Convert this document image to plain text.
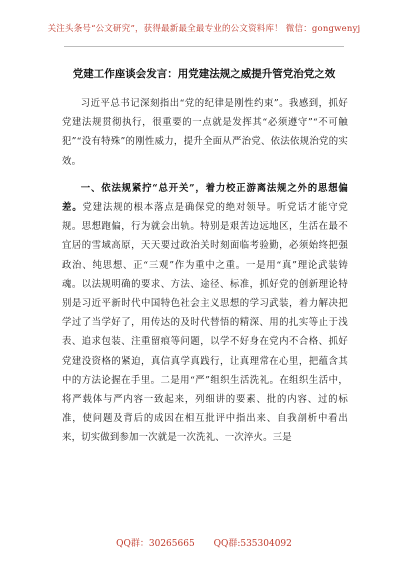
关注头条号“公文研究”，获得最新最全最专业的公文资料库！ 微信：gongwenyj
党建工作座谈会发言：用党建法规之威提升管党治党之效

习近平总书记深刻指出“党的纪律是刚性约束”。我感到，抓好党建法规贯彻执行，很重要的一点就是发挥其“必须遵守”“不可触犯”“没有特殊”的刚性威力，提升全面从严治党、依法依规治党的实效。

一、依法规紧拧“总开关”，着力校正游离法规之外的思想偏差。党建法规的根本落点是确保党的绝对领导。听党话才能守党规。思想跑偏，行为就会出轨。特别是艰苦边远地区，生活在最不宜居的雪域高原，天天要过政治关时刻面临考验勤，必须始终把强政治、纯思想、正“三观”作为重中之重。一是用“真”理论武装铸魂。以法规明确的要求、方法、途径、标准，抓好党的创新理论特别是习近平新时代中国特色社会主义思想的学习武装，着力解决把学过了当学好了，用传达的及时代替悟的精深、用的扎实等止于浅表、追求包装、注重留痕等问题，以学不好身在党内不合格、抓好党建没资格的紧迫，真信真学真践行，让真理常在心里，把蕴含其中的方法论握在手里。二是用“严”组织生活洗礼。在组织生活中，将严载体与严内容一致起来，列细讲的要素、批的内容、过的标准，使问题及背后的成因在相互批评中指出来、自我剖析中看出来，切实做到参加一次就是一次洗礼、一次淬火。三是

QQ群：30265665 QQ群:535304092
